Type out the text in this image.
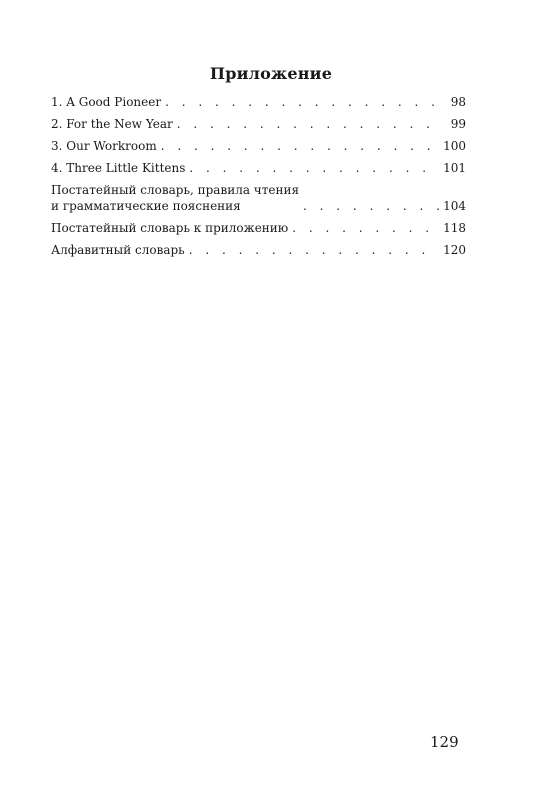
Приложение
1. A Good Pioneer . . .	98
2. For the New Year . . .	99
3. Our Workroom . . .	100
4. Three Little Kittens . . .	101
Постатейный словарь, правила чтения
и грамматические пояснения . . .	104
Постатейный словарь к приложению . . .	118
Алфавитный словарь . . .	120
129
